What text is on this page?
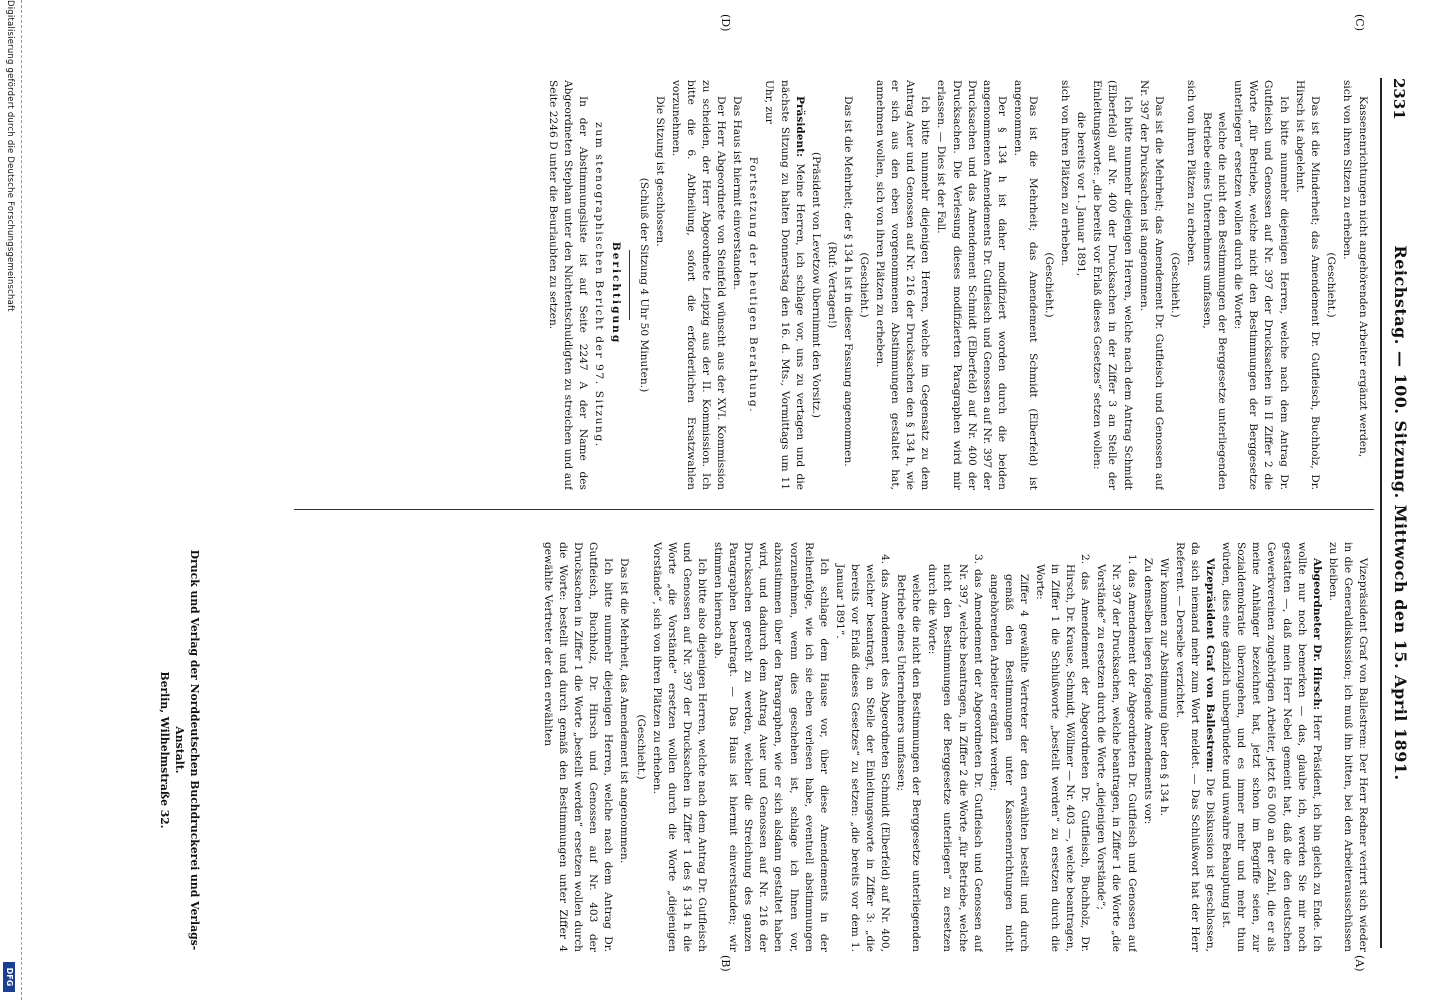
2331
Reichstag. — 100. Sitzung. Mittwoch den 15. April 1891.
(A)
(B)
(C)
(D)

Kassenenrichtungen nicht angehörenden Arbeiter ergänzt werden,

sich von ihren Sitzen zu erheben.

(Geschieht.)

Das ist die Minderheit; das Amendement Dr. Gutfleisch, Buchholz, Dr. Hirsch ist abgelehnt.

Ich bitte nunmehr diejenigen Herren, welche nach dem Antrag Dr. Gutfleisch und Genossen auf Nr. 397 der Drucksachen in II Ziffer 2 die Worte „für Betriebe, welche nicht den Bestimmungen der Berggesetze unterliegen“ ersetzen wollen durch die Worte:

welche die nicht den Bestimmungen der Berggesetze unterliegenden Betriebe eines Unternehmers umfassen,

sich von ihren Plätzen zu erheben.

(Geschieht.)

Das ist die Mehrheit; das Amendement Dr. Gutfleisch und Genossen auf Nr. 397 der Drucksachen ist angenommen.

Ich bitte nunmehr diejenigen Herren, welche nach dem Antrag Schmidt (Elberfeld) auf Nr. 400 der Drucksachen in der Ziffer 3 an Stelle der Einleitungsworte: „die bereits vor Erlaß dieses Gesetzes“ setzen wollen:

die bereits vor 1. Januar 1891,

sich von ihren Plätzen zu erheben.

(Geschieht.)

Das ist die Mehrheit; das Amendement Schmidt (Elberfeld) ist angenommen.

Der § 134 h ist daher modifiziert worden durch die beiden angenommenen Amendements Dr. Gutfleisch und Genossen auf Nr. 397 der Drucksachen und das Amendement Schmidt (Elberfeld) auf Nr. 400 der Drucksachen. Die Verlesung dieses modifizierten Paragraphen wird mir erlassen. — Dies ist der Fall.

Ich bitte nunmehr diejenigen Herren, welche im Gegensatz zu dem Antrag Auer und Genossen auf Nr. 216 der Drucksachen den § 134 h, wie er sich aus den eben vorgenommenen Abstimmungen gestaltet hat, annehmen wollen, sich von ihren Plätzen zu erheben.

(Geschieht.)

Das ist die Mehrheit; der § 134 h ist in dieser Fassung angenommen.

(Ruf: Vertagen!)

(Präsident von Levetzow übernimmt den Vorsitz.)

Präsident: Meine Herren, ich schlage vor, uns zu vertagen und die nächste Sitzung zu halten Donnerstag den 16. d. Mts., Vormittags um 11 Uhr, zur

Fortsetzung der heutigen Berathung.

Das Haus ist hiermit einverstanden.

Der Herr Abgeordnete von Steinfeld wünscht aus der XVI. Kommission zu scheiden, der Herr Abgeordnete Leipzig aus der II. Kommission. Ich bitte die 6. Abtheilung, sofort die erforderlichen Ersatzwahlen vorzunehmen.

Die Sitzung ist geschlossen.

(Schluß der Sitzung 4 Uhr 50 Minuten.)

Berichtigung

zum stenographischen Bericht der 97. Sitzung.

In der Abstimmungsliste ist auf Seite 2247 A der Name des Abgeordneten Stephan unter den Nichtentschuldigten zu streichen und auf Seite 2246 D unter die Beurlaubten zu setzen.

Vizepräsident Graf von Ballestrem: Der Herr Redner verirrt sich wieder in die Generaldiskussion; ich muß ihn bitten, bei den Arbeiterausschüssen zu bleiben.

Abgeordneter Dr. Hirsch: Herr Präsident, ich bin gleich zu Ende. Ich wollte nur noch bemerken — das, glaube ich, werden Sie mir noch gestatten —, daß mein Herr Nebel gemeint hat, daß die den deutschen Gewerkvereinen zugehörigen Arbeiter, jetzt 65 000 an der Zahl, die er als meine Anhänger bezeichnet hat, jetzt schon im Begriffe seien, zur Sozialdemokratie überzugehen, und es immer mehr und mehr thun würden, dies eine gänzlich unbegründete und unwahre Behauptung ist.

Vizepräsident Graf von Ballestrem: Die Diskussion ist geschlossen, da sich niemand mehr zum Wort meldet. — Das Schlußwort hat der Herr Referent. — Derselbe verzichtet.

Wir kommen zur Abstimmung über den § 134 h.

Zu demselben liegen folgende Amendements vor:

1. das Amendement der Abgeordneten Dr. Gutfleisch und Genossen auf Nr. 397 der Drucksachen, welche beantragen, in Ziffer 1 die Worte „die Vorstände“ zu ersetzen durch die Worte „diejenigen Vorstände“;

2. das Amendement der Abgeordneten Dr. Gutfleisch, Buchholz, Dr. Hirsch, Dr. Krause, Schmidt, Wöllmer — Nr. 403 —, welche beantragen, in Ziffer 1 die Schlußworte „bestellt werden“ zu ersetzen durch die Worte:

Ziffer 4 gewählte Vertreter der den erwählten bestellt und durch gemäß den Bestimmungen unter Kassenenrichtungen nicht angehörenden Arbeiter ergänzt werden;

3. das Amendement der Abgeordneten Dr. Gutfleisch und Genossen auf Nr. 397, welche beantragen, in Ziffer 2 die Worte „für Betriebe, welche nicht den Bestimmungen der Berggesetze unterliegen“ zu ersetzen durch die Worte:

welche die nicht den Bestimmungen der Berggesetze unterliegenden Betriebe eines Unternehmers umfassen;

4. das Amendement des Abgeordneten Schmidt (Elberfeld) auf Nr. 400, welcher beantragt, an Stelle der Einleitungsworte in Ziffer 3: „die bereits vor Erlaß dieses Gesetzes“ zu setzen: „die bereits vor dem 1. Januar 1891“.

Ich schlage dem Hause vor, über diese Amendements in der Reihenfolge, wie ich sie eben verlesen habe, eventuell abstimmungen vorzunehmen, wenn dies geschehen ist, schlage ich Ihnen vor, abzustimmen über den Paragraphen, wie er sich alsdann gestaltet haben wird, und dadurch dem Antrag Auer und Genossen auf Nr. 216 der Drucksachen gerecht zu werden, welcher die Streichung des ganzen Paragraphen beantragt. — Das Haus ist hiermit einverstanden; wir stimmen hiernach ab.

Ich bitte also diejenigen Herren, welche nach dem Antrag Dr. Gutfleisch und Genossen auf Nr. 397 der Drucksachen in Ziffer 1 des § 134 h die Worte „die Vorstände“ ersetzen wollen durch die Worte „diejenigen Vorstände“, sich von ihren Plätzen zu erheben.

(Geschieht.)

Das ist die Mehrheit, das Amendement ist angenommen.

Ich bitte nunmehr diejenigen Herren, welche nach dem Antrag Dr. Gutfleisch, Buchholz, Dr. Hirsch und Genossen auf Nr. 403 der Drucksachen in Ziffer 1 die Worte „bestellt werden“ ersetzen wollen durch die Worte: bestellt und durch gemäß den Bestimmungen unter Ziffer 4 gewählte Vertreter der den erwählten

Druck und Verlag der Norddeutschen Buchdruckerei und Verlags-Anstalt.
Berlin, Wilhelmstraße 32.
Digitalisierung gefördert durch die Deutsche Forschungsgemeinschaft
DFG
